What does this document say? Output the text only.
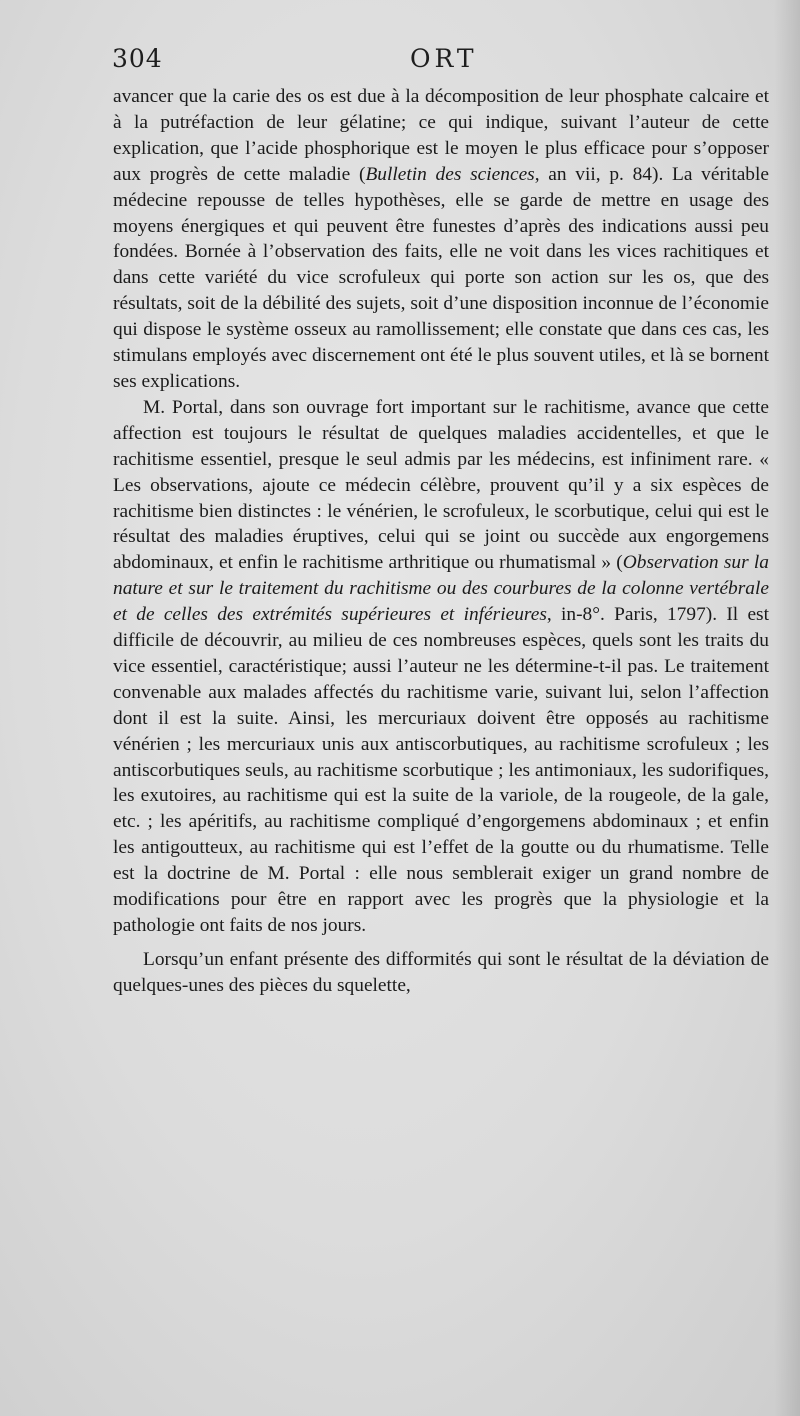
304	ORT

avancer que la carie des os est due à la décomposition de leur phosphate calcaire et à la putréfaction de leur gélatine; ce qui indique, suivant l’auteur de cette explication, que l’acide phosphorique est le moyen le plus efficace pour s’opposer aux progrès de cette maladie (Bulletin des sciences, an vii, p. 84). La véritable médecine repousse de telles hypothèses, elle se garde de mettre en usage des moyens énergiques et qui peuvent être funestes d’après des indications aussi peu fondées. Bornée à l’observation des faits, elle ne voit dans les vices rachitiques et dans cette variété du vice scrofuleux qui porte son action sur les os, que des résultats, soit de la débilité des sujets, soit d’une disposition inconnue de l’économie qui dispose le système osseux au ramollissement; elle constate que dans ces cas, les stimulans employés avec discernement ont été le plus souvent utiles, et là se bornent ses explications.

M. Portal, dans son ouvrage fort important sur le rachitisme, avance que cette affection est toujours le résultat de quelques maladies accidentelles, et que le rachitisme essentiel, presque le seul admis par les médecins, est infiniment rare. « Les observations, ajoute ce médecin célèbre, prouvent qu’il y a six espèces de rachitisme bien distinctes : le vénérien, le scrofuleux, le scorbutique, celui qui est le résultat des maladies éruptives, celui qui se joint ou succède aux engorgemens abdominaux, et enfin le rachitisme arthritique ou rhumatismal » (Observation sur la nature et sur le traitement du rachitisme ou des courbures de la colonne vertébrale et de celles des extrémités supérieures et inférieures, in-8°. Paris, 1797). Il est difficile de découvrir, au milieu de ces nombreuses espèces, quels sont les traits du vice essentiel, caractéristique; aussi l’auteur ne les détermine-t-il pas. Le traitement convenable aux malades affectés du rachitisme varie, suivant lui, selon l’affection dont il est la suite. Ainsi, les mercuriaux doivent être opposés au rachitisme vénérien ; les mercuriaux unis aux antiscorbutiques, au rachitisme scrofuleux ; les antiscorbutiques seuls, au rachitisme scorbutique ; les antimoniaux, les sudorifiques, les exutoires, au rachitisme qui est la suite de la variole, de la rougeole, de la gale, etc. ; les apéritifs, au rachitisme compliqué d’engorgemens abdominaux ; et enfin les antigoutteux, au rachitisme qui est l’effet de la goutte ou du rhumatisme. Telle est la doctrine de M. Portal : elle nous semblerait exiger un grand nombre de modifications pour être en rapport avec les progrès que la physiologie et la pathologie ont faits de nos jours.

Lorsqu’un enfant présente des difformités qui sont le résultat de la déviation de quelques-unes des pièces du squelette,
